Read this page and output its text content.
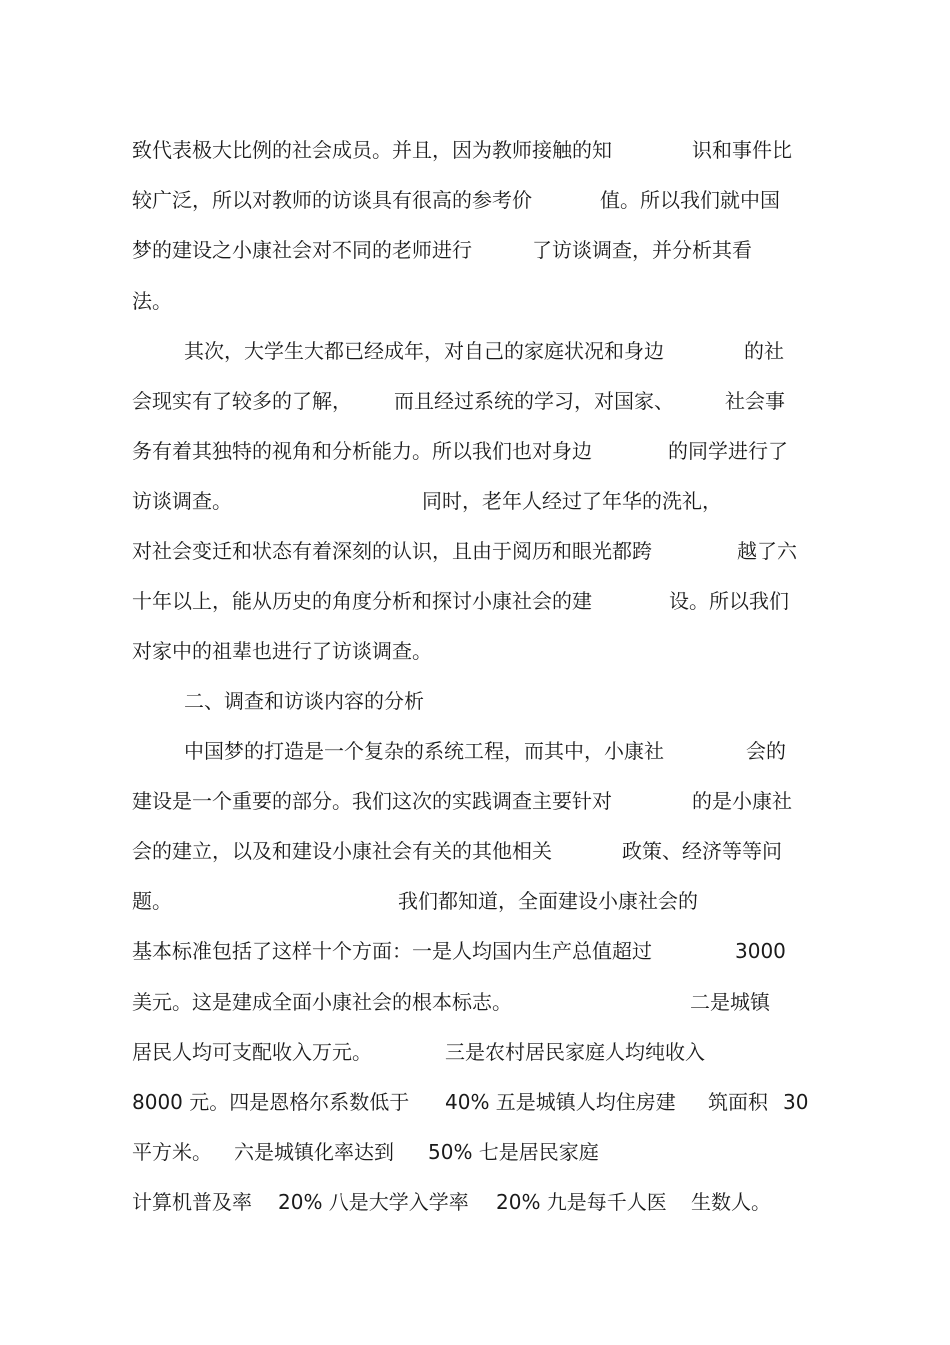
致代表极大比例的社会成员。并且，因为教师接触的知	识和事件比
较广泛，所以对教师的访谈具有很高的参考价	值。所以我们就中国
梦的建设之小康社会对不同的老师进行	了访谈调查，并分析其看
法。
其次，大学生大都已经成年，对自己的家庭状况和身边	的社
会现实有了较多的了解， 而且经过系统的学习，对国家、	社会事
务有着其独特的视角和分析能力。所以我们也对身边	的同学进行了
访谈调查。	同时，老年人经过了年华的洗礼，
对社会变迁和状态有着深刻的认识，且由于阅历和眼光都跨	越了六
十年以上，能从历史的角度分析和探讨小康社会的建	设。所以我们
对家中的祖辈也进行了访谈调查。
二、调查和访谈内容的分析
中国梦的打造是一个复杂的系统工程，而其中，小康社	会的
建设是一个重要的部分。我们这次的实践调查主要针对	的是小康社
会的建立，以及和建设小康社会有关的其他相关	政策、经济等等问
题。	我们都知道，全面建设小康社会的
基本标准包括了这样十个方面：一是人均国内生产总值超过	3000
美元。这是建成全面小康社会的根本标志。	二是城镇
居民人均可支配收入万元。	三是农村居民家庭人均纯收入
8000 元。四是恩格尔系数低于 40% 五是城镇人均住房建 筑面积 30
平方米。 六是城镇化率达到 50% 七是居民家庭
计算机普及率 20% 八是大学入学率 20% 九是每千人医 生数人。
